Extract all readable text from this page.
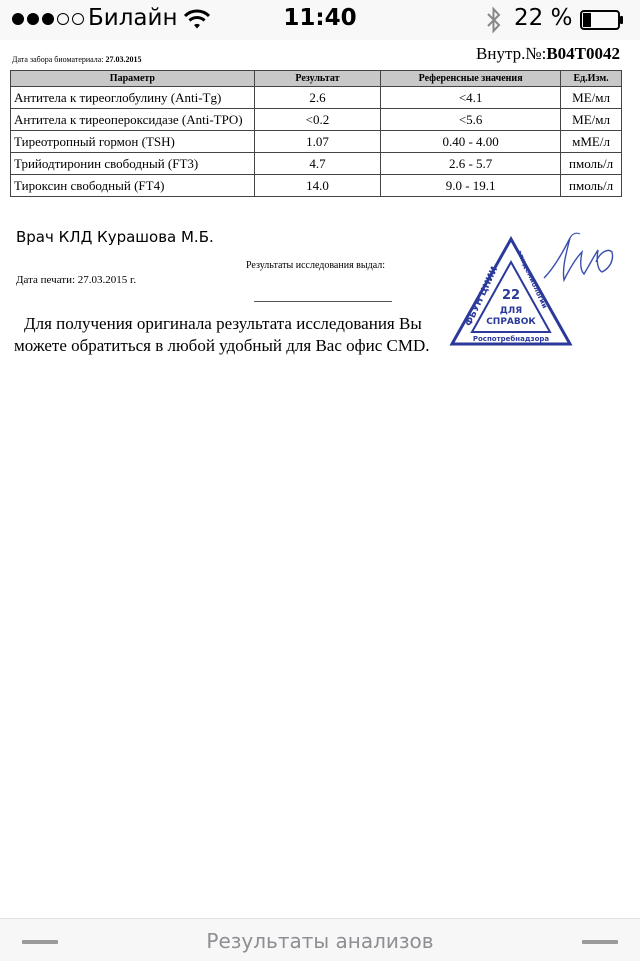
Билайн	11:40	22 %
Дата забора биоматериала: 27.03.2015	Внутр.№:B04T0042
Параметр	Результат	Референсные значения	Ед.Изм.
Антитела к тиреоглобулину (Anti-Tg)	2.6	<4.1	МЕ/мл
Антитела к тиреопероксидазе (Anti-TPO)	<0.2	<5.6	МЕ/мл
Тиреотропный гормон (TSH)	1.07	0.40 - 4.00	мМЕ/л
Трийодтиронин свободный (FT3)	4.7	2.6 - 5.7	пмоль/л
Тироксин свободный (FT4)	14.0	9.0 - 19.1	пмоль/л
Врач КЛД Курашова М.Б.
Результаты исследования выдал:
Дата печати: 27.03.2015 г.
Для получения оригинала результата исследования Вы можете обратиться в любой удобный для Вас офис CMD.
ФБУН ЦНИИ
эпидемиологии
22
ДЛЯ
СПРАВОК
Роспотребнадзора
Результаты анализов
